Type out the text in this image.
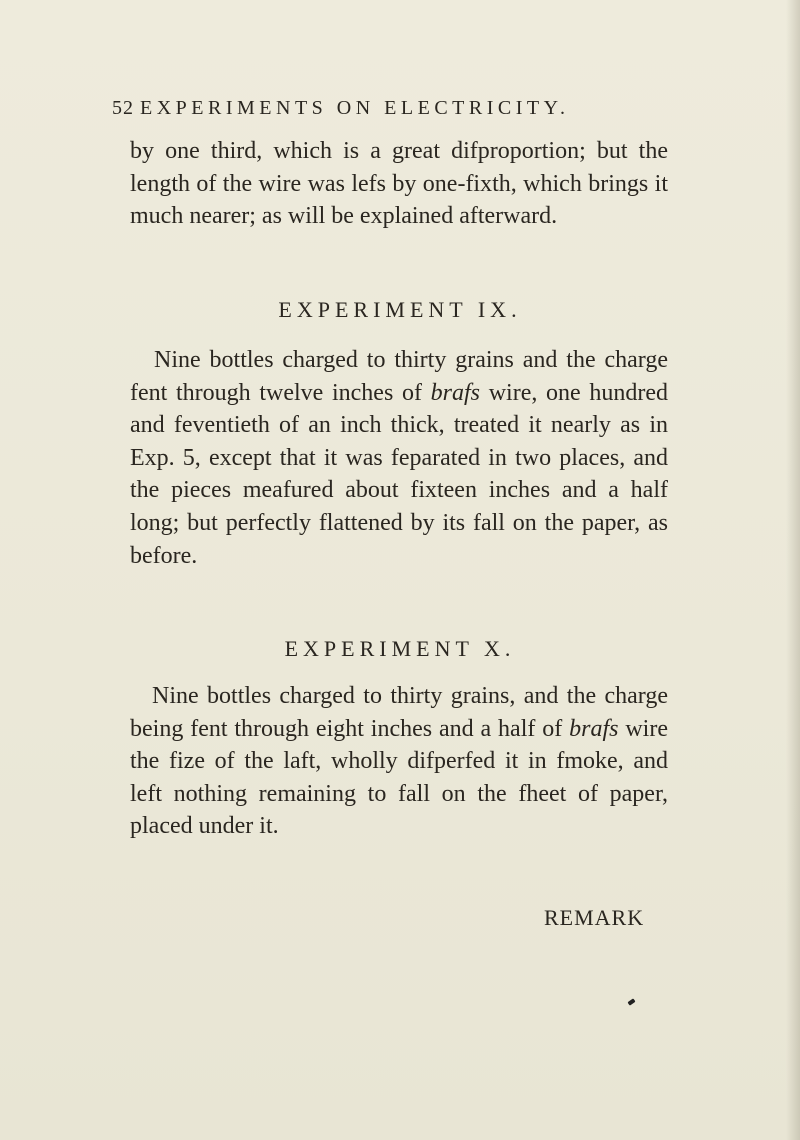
52 EXPERIMENTS ON ELECTRICITY.

by one third, which is a great difproportion; but the length of the wire was lefs by one-fixth, which brings it much nearer; as will be explained afterward.

EXPERIMENT IX.

Nine bottles charged to thirty grains and the charge fent through twelve inches of brafs wire, one hundred and feventieth of an inch thick, treated it nearly as in Exp. 5, except that it was feparated in two places, and the pieces meafured about fixteen inches and a half long; but perfectly flattened by its fall on the paper, as before.

EXPERIMENT X.

Nine bottles charged to thirty grains, and the charge being fent through eight inches and a half of brafs wire the fize of the laft, wholly difperfed it in fmoke, and left nothing remaining to fall on the fheet of paper, placed under it.

REMARK
